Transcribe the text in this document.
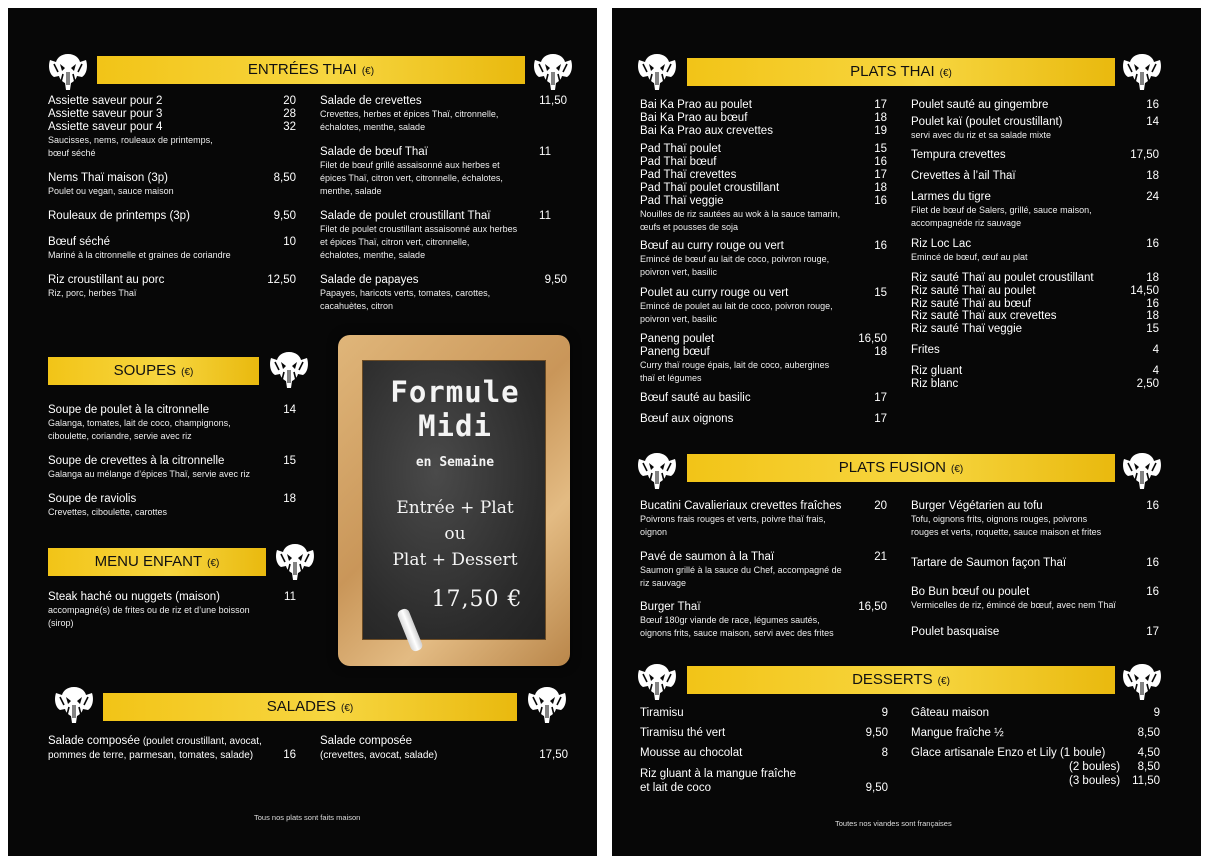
ENTRÉES THAI (€)
Assiette saveur pour 2	20
Assiette saveur pour 3	28
Assiette saveur pour 4	32
Saucisses, nems, rouleaux de printemps,
bœuf séché
Nems Thaï maison (3p)	8,50
Poulet ou vegan, sauce maison
Rouleaux de printemps (3p)	9,50
Bœuf séché	10
Mariné à la citronnelle et graines de coriandre
Riz croustillant au porc	12,50
Riz, porc, herbes Thaï
Salade de crevettes	11,50
Crevettes, herbes et épices Thaï, citronnelle,
échalotes, menthe, salade
Salade de bœuf Thaï	11
Filet de bœuf grillé assaisonné aux herbes et
épices Thaï, citron vert, citronnelle, échalotes,
menthe, salade
Salade de poulet croustillant Thaï	11
Filet de poulet croustillant assaisonné aux herbes
et épices Thaï, citron vert, citronnelle,
échalotes, menthe, salade
Salade de papayes	9,50
Papayes, haricots verts, tomates, carottes,
cacahuètes, citron
SOUPES (€)
Soupe de poulet à la citronnelle	14
Galanga, tomates, lait de coco, champignons,
ciboulette, coriandre, servie avec riz
Soupe de crevettes à la citronnelle	15
Galanga au mélange d’épices Thaï, servie avec riz
Soupe de raviolis	18
Crevettes, ciboulette, carottes
MENU ENFANT (€)
Steak haché ou nuggets (maison)	11
accompagné(s) de frites ou de riz et d’une boisson
(sirop)
Formule
Midi
en Semaine
Entrée + Plat
ou
Plat + Dessert
17,50 €
SALADES (€)
Salade composée (poulet croustillant, avocat,
pommes de terre, parmesan, tomates, salade)	16
Salade composée
(crevettes, avocat, salade)	17,50
Tous nos plats sont faits maison
PLATS THAI (€)
Bai Ka Prao au poulet	17
Bai Ka Prao au bœuf	18
Bai Ka Prao aux crevettes	19
Pad Thaï poulet	15
Pad Thaï bœuf	16
Pad Thaï crevettes	17
Pad Thaï poulet croustillant	18
Pad Thaï veggie	16
Nouilles de riz sautées au wok à la sauce tamarin,
œufs et pousses de soja
Bœuf au curry rouge ou vert	16
Emincé de bœuf au lait de coco, poivron rouge,
poivron vert, basilic
Poulet au curry rouge ou vert	15
Emincé de poulet au lait de coco, poivron rouge,
poivron vert, basilic
Paneng poulet	16,50
Paneng bœuf	18
Curry thaï rouge épais, lait de coco, aubergines
thaï et légumes
Bœuf sauté au basilic	17
Bœuf aux oignons	17
Poulet sauté au gingembre	16
Poulet kaï (poulet croustillant)	14
servi avec du riz et sa salade mixte
Tempura crevettes	17,50
Crevettes à l’ail Thaï	18
Larmes du tigre	24
Filet de bœuf de Salers, grillé, sauce maison,
accompagnéde riz sauvage
Riz Loc Lac	16
Emincé de bœuf, œuf au plat
Riz sauté Thaï au poulet croustillant	18
Riz sauté Thaï au poulet	14,50
Riz sauté Thaï au bœuf	16
Riz sauté Thaï aux crevettes	18
Riz sauté Thaï veggie	15
Frites	4
Riz gluant	4
Riz blanc	2,50
PLATS FUSION (€)
Bucatini Cavalieriaux crevettes fraîches	20
Poivrons frais rouges et verts, poivre thaï frais,
oignon
Pavé de saumon à la Thaï	21
Saumon grillé à la sauce du Chef, accompagné de
riz sauvage
Burger Thaï	16,50
Bœuf 180gr viande de race, légumes sautés,
oignons frits, sauce maison, servi avec des frites
Burger Végétarien au tofu	16
Tofu, oignons frits, oignons rouges, poivrons
rouges et verts, roquette, sauce maison et frites
Tartare de Saumon façon Thaï	16
Bo Bun bœuf ou poulet	16
Vermicelles de riz, émincé de bœuf, avec nem Thaï
Poulet basquaise	17
DESSERTS (€)
Tiramisu	9
Tiramisu thé vert	9,50
Mousse au chocolat	8
Riz gluant à la mangue fraîche
et lait de coco	9,50
Gâteau maison	9
Mangue fraîche ½	8,50
Glace artisanale Enzo et Lily (1 boule)	4,50
(2 boules)	8,50
(3 boules)	11,50
Toutes nos viandes sont françaises
